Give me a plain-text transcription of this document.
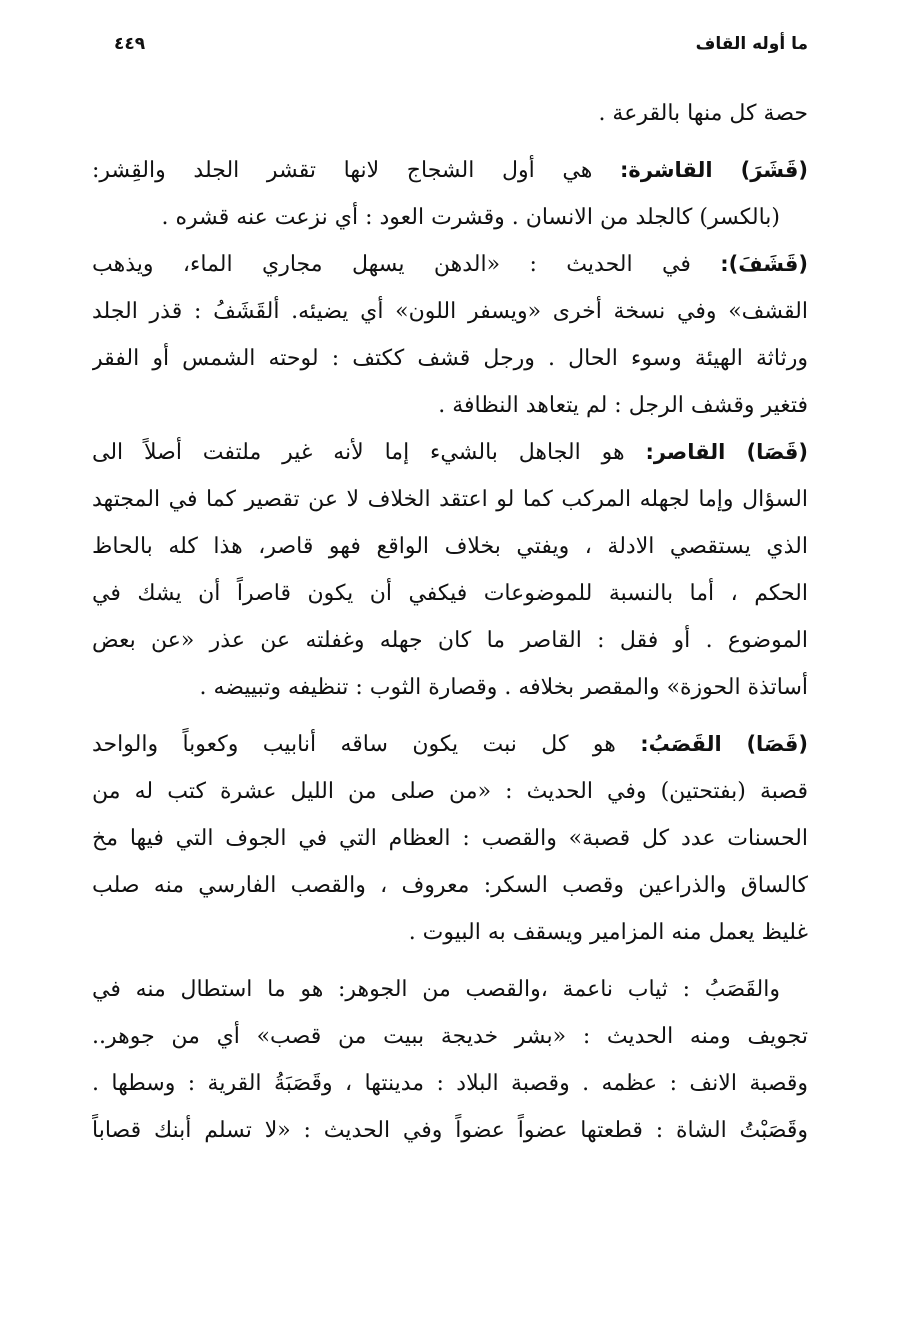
ما أوله القاف
٤٤٩
حصة كل منها بالقرعة .
(قَشَرَ) القاشرة: هي أول الشجاج لانها تقشر الجلد والقِشر:
(بالكسر) كالجلد من الانسان . وقشرت العود : أي نزعت عنه قشره .
(قَشَفَ): في الحديث : «الدهن يسهل مجاري الماء، ويذهب
القشف» وفي نسخة أخرى «ويسفر اللون» أي يضيئه. ألقَشَفُ : قذر الجلد
ورثاثة الهيئة وسوء الحال . ورجل قشف ككتف : لوحته الشمس أو الفقر
فتغير وقشف الرجل : لم يتعاهد النظافة .
(قَصَا) القاصر: هو الجاهل بالشيء إما لأنه غير ملتفت أصلاً الى
السؤال وإما لجهله المركب كما لو اعتقد الخلاف لا عن تقصير كما في المجتهد
الذي يستقصي الادلة ، ويفتي بخلاف الواقع فهو قاصر، هذا كله بالحاظ
الحكم ، أما بالنسبة للموضوعات فيكفي أن يكون قاصراً أن يشك في
الموضوع . أو فقل : القاصر ما كان جهله وغفلته عن عذر «عن بعض
أساتذة الحوزة» والمقصر بخلافه . وقصارة الثوب : تنظيفه وتبييضه .
(قَصَا) القَصَبُ: هو كل نبت يكون ساقه أنابيب وكعوباً والواحد
قصبة (بفتحتين) وفي الحديث : «من صلى من الليل عشرة كتب له من
الحسنات عدد كل قصبة» والقصب : العظام التي في الجوف التي فيها مخ
كالساق والذراعين وقصب السكر: معروف ، والقصب الفارسي منه صلب
غليظ يعمل منه المزامير ويسقف به البيوت .
والقَصَبُ : ثياب ناعمة ،والقصب من الجوهر: هو ما استطال منه في
تجويف ومنه الحديث : «بشر خديجة ببيت من قصب» أي من جوهر..
وقصبة الانف : عظمه . وقصبة البلاد : مدينتها ، وقَصَبَةُ القرية : وسطها .
وقَصَبْتُ الشاة : قطعتها عضواً عضواً وفي الحديث : «لا تسلم أبنك قصاباً
